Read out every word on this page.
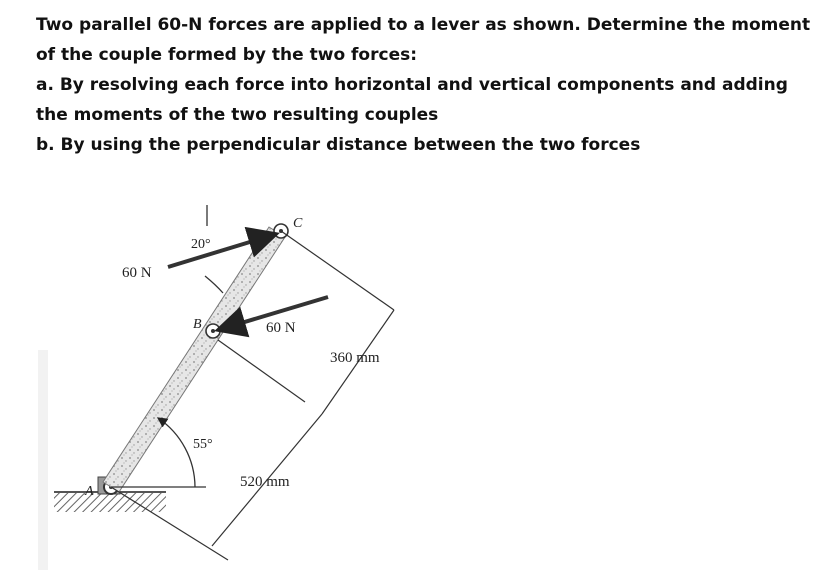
Two parallel 60-N forces are applied to a lever as shown. Determine the moment of the couple formed by the two forces:

a. By resolving each force into horizontal and vertical components and adding the moments of the two resulting couples

b. By using the perpendicular distance between the two forces

60 N
60 N
20°
55°
A
B
C
360 mm
520 mm
